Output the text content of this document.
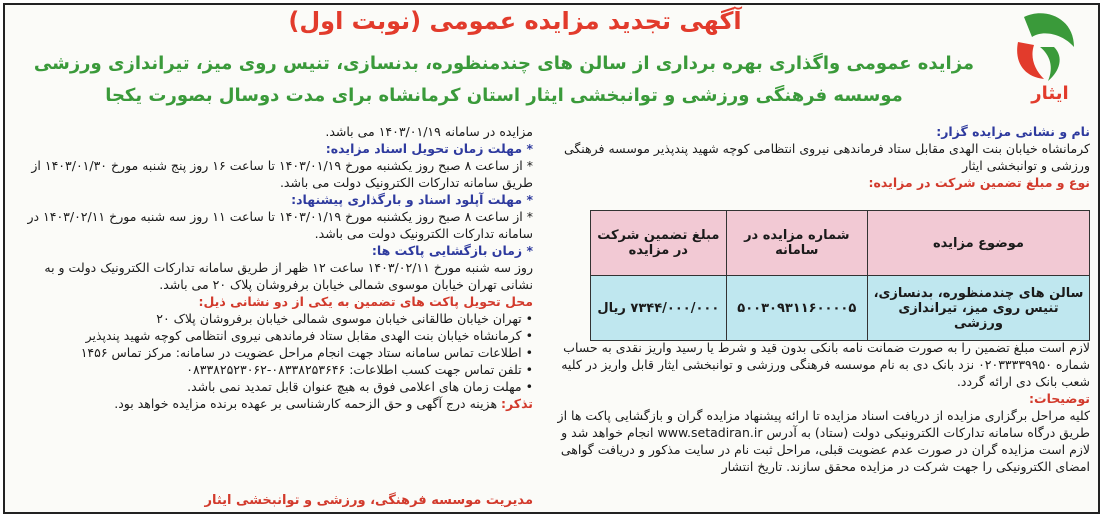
آگهی تجدید مزایده عمومی (نوبت اول)
مزایده عمومی واگذاری بهره برداری از سالن های چندمنظوره، بدنسازی، تنیس روی میز، تیراندازی ورزشی
موسسه فرهنگی ورزشی و توانبخشی ایثار استان کرمانشاه برای مدت دوسال بصورت یکجا	ایثار

نام و نشانی مزایده گزار:

کرمانشاه خیابان بنت الهدی مقابل ستاد فرماندهی نیروی انتظامی کوچه شهید پندپذیر موسسه فرهنگی ورزشی و توانبخشی ایثار

نوع و مبلغ تضمین شرکت در مزایده:

موضوع مزایده	شماره مزایده در سامانه	مبلغ تضمین شرکت در مزایده
سالن های چندمنظوره، بدنسازی، تنیس روی میز، تیراندازی ورزشی	۵۰۰۳۰۹۳۱۱۶۰۰۰۰۵	۷۳۴۴/۰۰۰/۰۰۰ ریال

لازم است مبلغ تضمین را به صورت ضمانت نامه بانکی بدون قید و شرط یا رسید واریز نقدی به حساب شماره ۰۲۰۳۳۳۳۹۹۵۰ نزد بانک دی به نام موسسه فرهنگی ورزشی و توانبخشی ایثار قابل واریز در کلیه شعب بانک دی ارائه گردد.

توضیحات:

کلیه مراحل برگزاری مزایده از دریافت اسناد مزایده تا ارائه پیشنهاد مزایده گران و بازگشایی پاکت ها از طریق درگاه سامانه تدارکات الکترونیکی دولت (ستاد) به آدرس www.setadiran.ir انجام خواهد شد و لازم است مزایده گران در صورت عدم عضویت قبلی، مراحل ثبت نام در سایت مذکور و دریافت گواهی امضای الکترونیکی را جهت شرکت در مزایده محقق سازند. تاریخ انتشار

مزایده در سامانه ۱۴۰۳/۰۱/۱۹ می باشد.

* مهلت زمان تحویل اسناد مزایده:

* از ساعت ۸ صبح روز یکشنبه مورخ ۱۴۰۳/۰۱/۱۹ تا ساعت ۱۶ روز پنج شنبه مورخ ۱۴۰۳/۰۱/۳۰ از طریق سامانه تدارکات الکترونیک دولت می باشد.

* مهلت آپلود اسناد و بارگذاری پیشنهاد:

* از ساعت ۸ صبح روز یکشنبه مورخ ۱۴۰۳/۰۱/۱۹ تا ساعت ۱۱ روز سه شنبه مورخ ۱۴۰۳/۰۲/۱۱ در سامانه تدارکات الکترونیک دولت می باشد.

* زمان بازگشایی پاکت ها:

روز سه شنبه مورخ ۱۴۰۳/۰۲/۱۱ ساعت ۱۲ ظهر از طریق سامانه تدارکات الکترونیک دولت و به نشانی تهران خیابان موسوی شمالی خیابان برفروشان پلاک ۲۰ می باشد.

محل تحویل پاکت های تضمین به یکی از دو نشانی ذیل:

• تهران خیابان طالقانی خیابان موسوی شمالی خیابان برفروشان پلاک ۲۰

• کرمانشاه خیابان بنت الهدی مقابل ستاد فرماندهی نیروی انتظامی کوچه شهید پندپذیر

• اطلاعات تماس سامانه ستاد جهت انجام مراحل عضویت در سامانه: مرکز تماس ۱۴۵۶

• تلفن تماس جهت کسب اطلاعات: ۰۸۳۳۸۲۵۳۶۴۶-۰۸۳۳۸۲۵۲۳۰۶۲

• مهلت زمان های اعلامی فوق به هیچ عنوان قابل تمدید نمی باشد.

تذکر: هزینه درج آگهی و حق الزحمه کارشناسی بر عهده برنده مزایده خواهد بود.

مدیریت موسسه فرهنگی، ورزشی و توانبخشی ایثار
